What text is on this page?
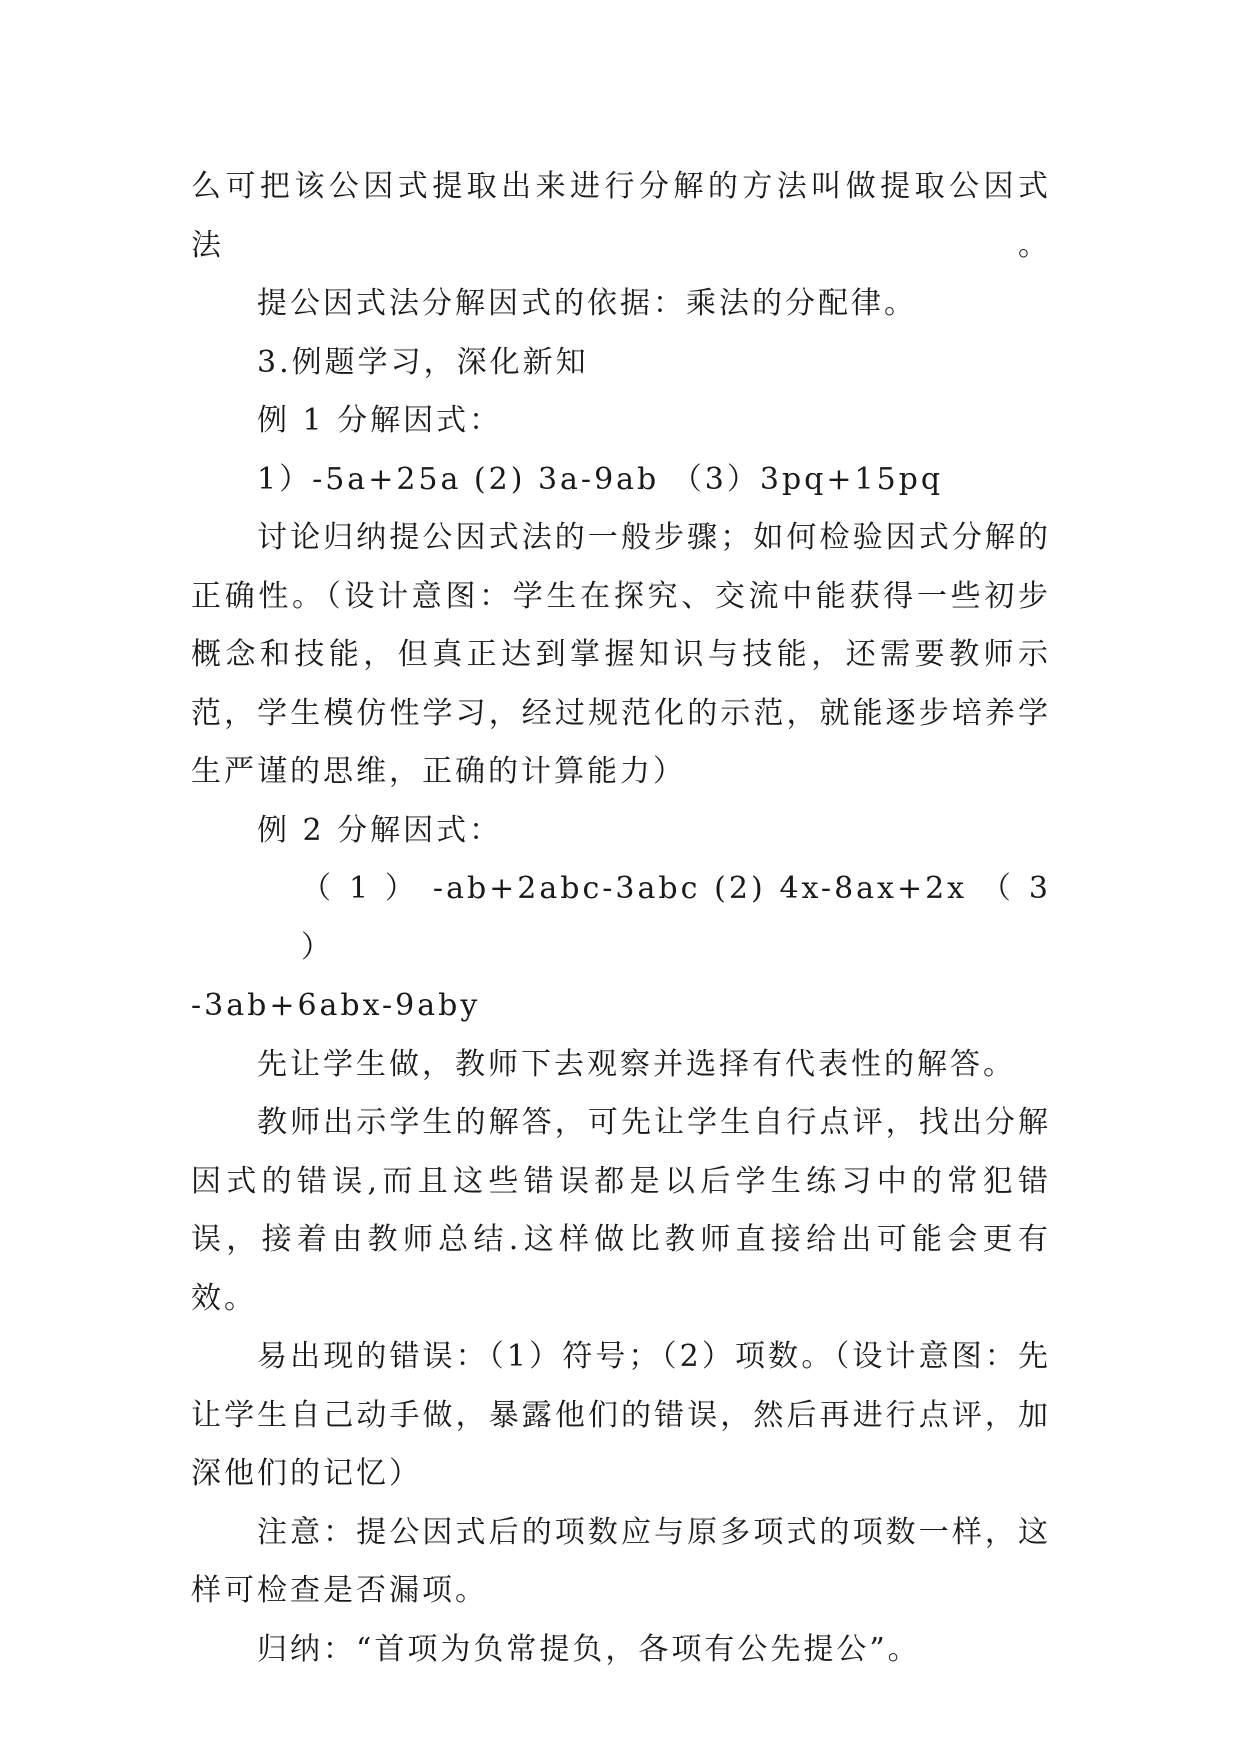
么可把该公因式提取出来进行分解的方法叫做提取公因式法。

提公因式法分解因式的依据：乘法的分配律。

3.例题学习，深化新知

例 1 分解因式：

1）-5a+25a (2) 3a-9ab （3）3pq+15pq

讨论归纳提公因式法的一般步骤；如何检验因式分解的正确性。（设计意图：学生在探究、交流中能获得一些初步概念和技能，但真正达到掌握知识与技能，还需要教师示范，学生模仿性学习，经过规范化的示范，就能逐步培养学生严谨的思维，正确的计算能力）

例 2 分解因式：

（ 1 ） -ab+2abc-3abc (2) 4x-8ax+2x （ 3 ）
-3ab+6abx-9aby

先让学生做，教师下去观察并选择有代表性的解答。

教师出示学生的解答，可先让学生自行点评，找出分解因式的错误,而且这些错误都是以后学生练习中的常犯错误，接着由教师总结.这样做比教师直接给出可能会更有效。

易出现的错误：（1）符号；（2）项数。（设计意图：先让学生自己动手做，暴露他们的错误，然后再进行点评，加深他们的记忆）

注意：提公因式后的项数应与原多项式的项数一样，这样可检查是否漏项。

归纳：“首项为负常提负，各项有公先提公”。
